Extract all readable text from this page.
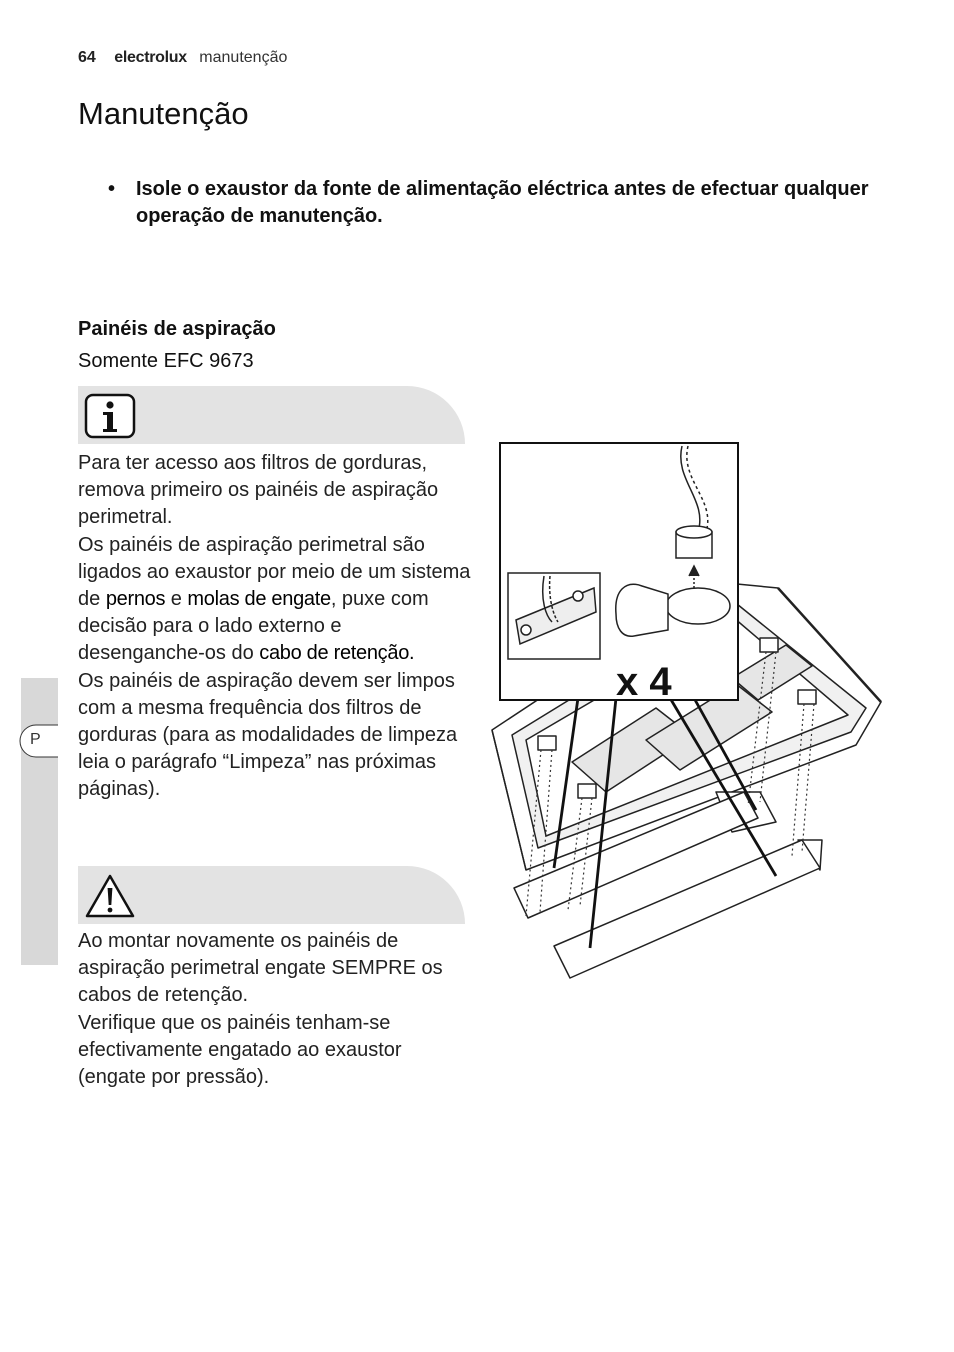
64 electrolux manutenção
Manutenção
• Isole o exaustor da fonte de alimentação eléctrica antes de efectuar qualquer operação de manutenção.
Painéis de aspiração
Somente EFC 9673

Para ter acesso aos filtros de gorduras, remova primeiro os painéis de aspiração perimetral.
Os painéis de aspiração perimetral são ligados ao exaustor por meio de um sistema de pernos e molas de engate, puxe com decisão para o lado externo e desenganche-os do cabo de retenção.
Os painéis de aspiração devem ser limpos com a mesma frequência dos filtros de gorduras (para as modalidades de limpeza leia o parágrafo “Limpeza” nas próximas páginas).

Ao montar novamente os painéis de aspiração perimetral engate SEMPRE os cabos de retenção.
Verifique que os painéis tenham-se efectivamente engatado ao exaustor (engate por pressão).

P
x 4
